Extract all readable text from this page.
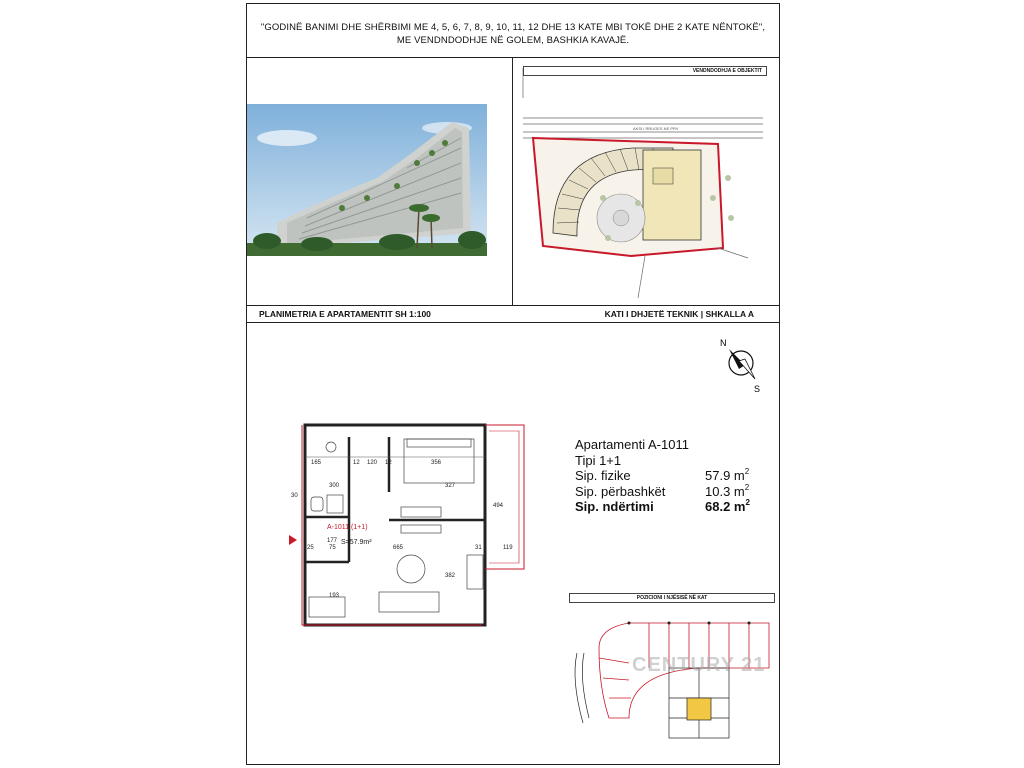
"GODINË BANIMI DHE SHËRBIMI ME 4, 5, 6, 7, 8, 9, 10, 11, 12 DHE 13 KATE MBI TOKË DHE 2 KATE NËNTOKË",
ME VENDNDODHJE NË GOLEM, BASHKIA KAVAJË.
AKSI I RRUGES NE PRV
VENDNDODHJA E OBJEKTIT
PLANIMETRIA E APARTAMENTIT SH 1:100	KATI I DHJETË TEKNIK | SHKALLA A
N
S
165	12 120 12	356
300	327
494
30
177
25	75	665	31	119
193
382
A-1011 (1+1)
S=57.9m²
Apartamenti A-1011
Tipi 1+1
Sip. fizike	57.9 $m^2$
Sip. përbashkët	10.3 $m^2$
Sip. ndërtimi	68.2 $m^2$
POZICIONI I NJËSISË NË KAT
CENTURY 21
